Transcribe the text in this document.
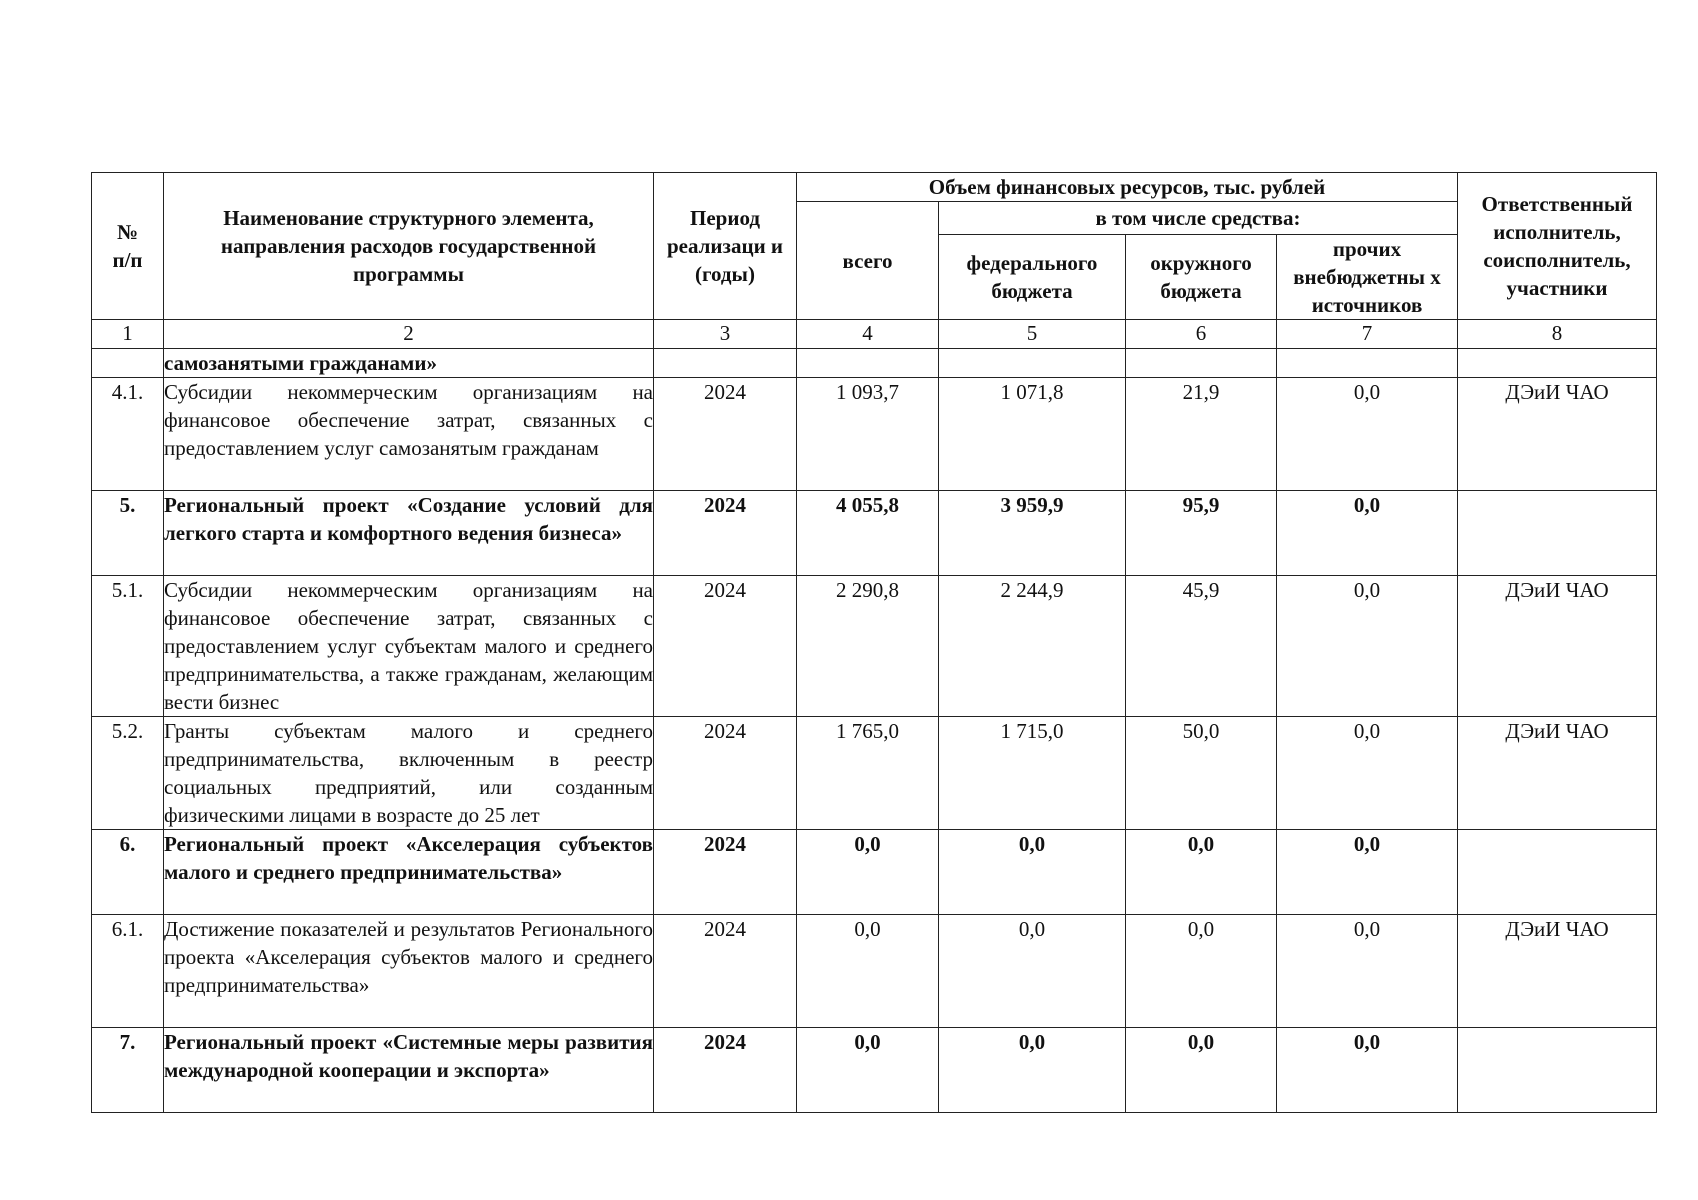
№
п/п	Наименование структурного элемента, направления расходов государственной программы	Период реализаци и (годы)	Объем финансовых ресурсов, тыс. рублей				Ответственный исполнитель, соисполнитель, участники
			всего	в том числе средства:			
				федерального бюджета	окружного бюджета	прочих внебюджетны х источников	
1	2	3	4	5	6	7	8
	самозанятыми гражданами»						
4.1.	Субсидии некоммерческим организациям на финансовое обеспечение затрат, связанных с предоставлением услуг самозанятым гражданам	2024	1 093,7	1 071,8	21,9	0,0	ДЭиИ ЧАО
5.	Региональный проект «Создание условий для легкого старта и комфортного ведения бизнеса»	2024	4 055,8	3 959,9	95,9	0,0	
5.1.	Субсидии некоммерческим организациям на финансовое обеспечение затрат, связанных с предоставлением услуг субъектам малого и среднего предпринимательства, а также гражданам, желающим вести бизнес	2024	2 290,8	2 244,9	45,9	0,0	ДЭиИ ЧАО
5.2.	Гранты субъектам малого и среднего предпринимательства, включенным в реестр социальных предприятий, или созданным физическими лицами в возрасте до 25 лет	2024	1 765,0	1 715,0	50,0	0,0	ДЭиИ ЧАО
6.	Региональный проект «Акселерация субъектов малого и среднего предпринимательства»	2024	0,0	0,0	0,0	0,0	
6.1.	Достижение показателей и результатов Регионального проекта «Акселерация субъектов малого и среднего предпринимательства»	2024	0,0	0,0	0,0	0,0	ДЭиИ ЧАО
7.	Региональный проект «Системные меры развития международной кооперации и экспорта»	2024	0,0	0,0	0,0	0,0	
